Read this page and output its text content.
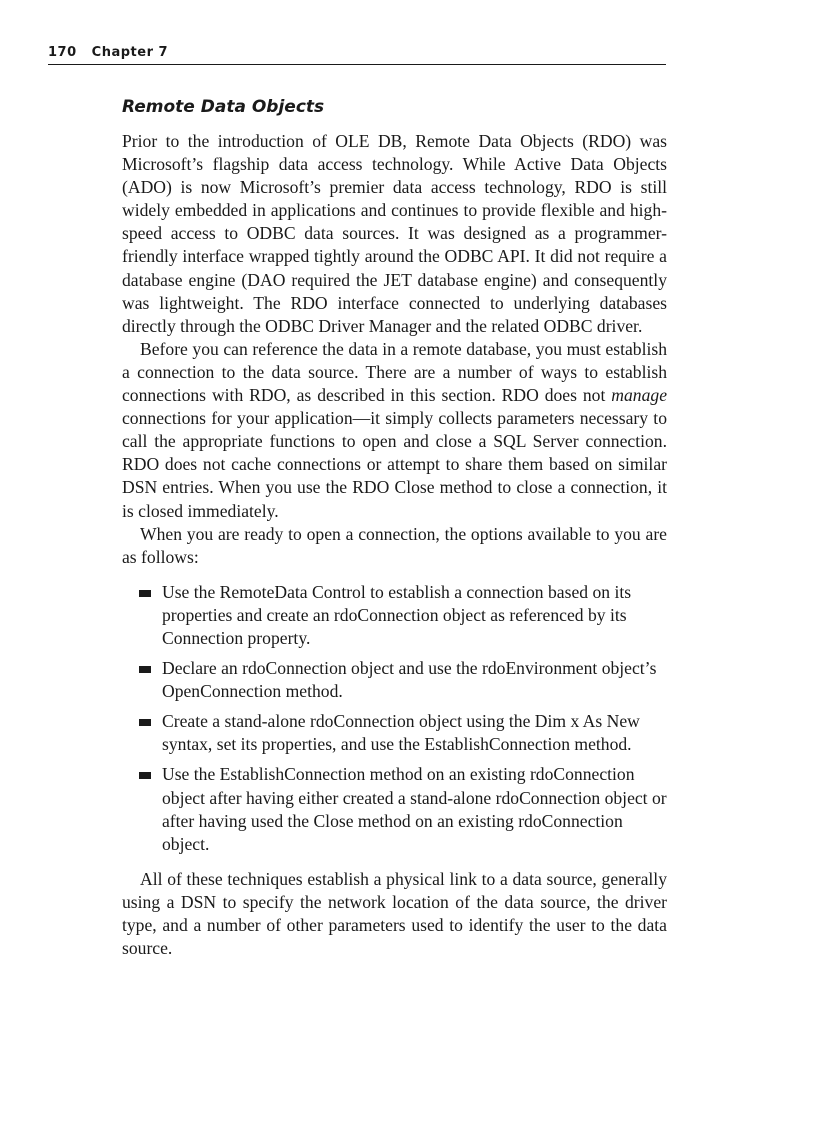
170 Chapter 7
Remote Data Objects

Prior to the introduction of OLE DB, Remote Data Objects (RDO) was Microsoft’s flagship data access technology. While Active Data Objects (ADO) is now Microsoft’s premier data access technology, RDO is still widely embedded in applications and continues to provide flexible and high-speed access to ODBC data sources. It was designed as a programmer-friendly interface wrapped tightly around the ODBC API. It did not require a database engine (DAO required the JET database engine) and consequently was lightweight. The RDO interface connected to underlying databases directly through the ODBC Driver Manager and the related ODBC driver.

Before you can reference the data in a remote database, you must establish a connection to the data source. There are a number of ways to establish connections with RDO, as described in this section. RDO does not manage connections for your application—it simply collects parameters necessary to call the appropriate functions to open and close a SQL Server connection. RDO does not cache connections or attempt to share them based on similar DSN entries. When you use the RDO Close method to close a connection, it is closed immediately.

When you are ready to open a connection, the options available to you are as follows:

Use the RemoteData Control to establish a connection based on its properties and create an rdoConnection object as referenced by its Connection property.
Declare an rdoConnection object and use the rdoEnvironment object’s OpenConnection method.
Create a stand-alone rdoConnection object using the Dim x As New syntax, set its properties, and use the EstablishConnection method.
Use the EstablishConnection method on an existing rdoConnection object after having either created a stand-alone rdoConnection object or after having used the Close method on an existing rdoConnection object.

All of these techniques establish a physical link to a data source, generally using a DSN to specify the network location of the data source, the driver type, and a number of other parameters used to identify the user to the data source.
